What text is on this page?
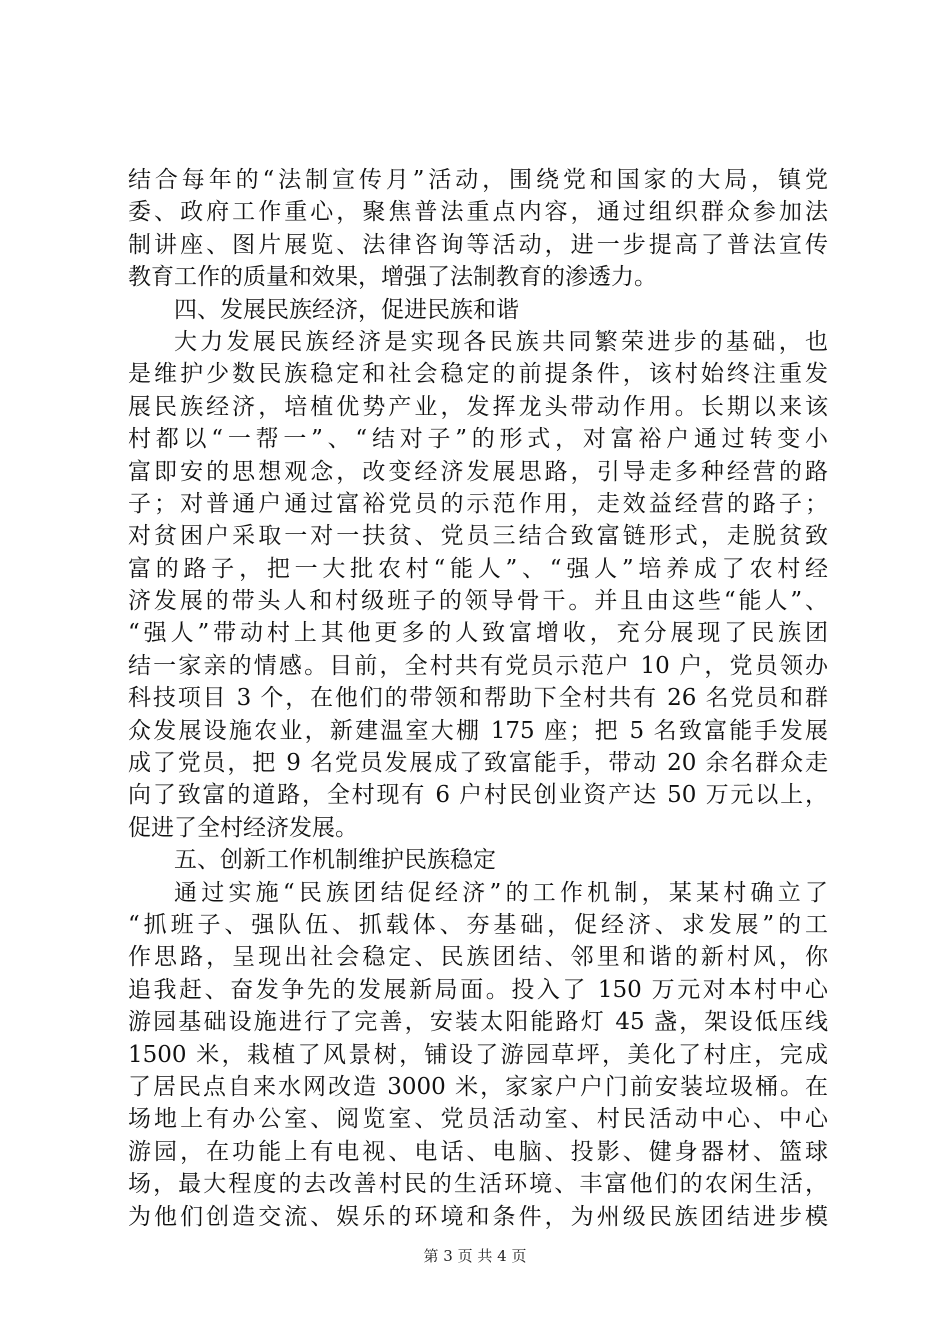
结合每年的“法制宣传月”活动，围绕党和国家的大局，镇党
委、政府工作重心，聚焦普法重点内容，通过组织群众参加法
制讲座、图片展览、法律咨询等活动，进一步提高了普法宣传
教育工作的质量和效果，增强了法制教育的渗透力。
四、发展民族经济，促进民族和谐
大力发展民族经济是实现各民族共同繁荣进步的基础，也
是维护少数民族稳定和社会稳定的前提条件，该村始终注重发
展民族经济，培植优势产业，发挥龙头带动作用。长期以来该
村都以“一帮一”、“结对子”的形式，对富裕户通过转变小
富即安的思想观念，改变经济发展思路，引导走多种经营的路
子；对普通户通过富裕党员的示范作用，走效益经营的路子；
对贫困户采取一对一扶贫、党员三结合致富链形式，走脱贫致
富的路子，把一大批农村“能人”、“强人”培养成了农村经
济发展的带头人和村级班子的领导骨干。并且由这些“能人”、
“强人”带动村上其他更多的人致富增收，充分展现了民族团
结一家亲的情感。目前，全村共有党员示范户 10 户，党员领办
科技项目 3 个，在他们的带领和帮助下全村共有 26 名党员和群
众发展设施农业，新建温室大棚 175 座；把 5 名致富能手发展
成了党员，把 9 名党员发展成了致富能手，带动 20 余名群众走
向了致富的道路，全村现有 6 户村民创业资产达 50 万元以上，
促进了全村经济发展。
五、创新工作机制维护民族稳定
通过实施“民族团结促经济”的工作机制，某某村确立了
“抓班子、强队伍、抓载体、夯基础，促经济、求发展”的工
作思路，呈现出社会稳定、民族团结、邻里和谐的新村风，你
追我赶、奋发争先的发展新局面。投入了 150 万元对本村中心
游园基础设施进行了完善，安装太阳能路灯 45 盏，架设低压线
1500 米，栽植了风景树，铺设了游园草坪，美化了村庄，完成
了居民点自来水网改造 3000 米，家家户户门前安装垃圾桶。在
场地上有办公室、阅览室、党员活动室、村民活动中心、中心
游园，在功能上有电视、电话、电脑、投影、健身器材、篮球
场，最大程度的去改善村民的生活环境、丰富他们的农闲生活，
为他们创造交流、娱乐的环境和条件，为州级民族团结进步模
第 3 页 共 4 页
